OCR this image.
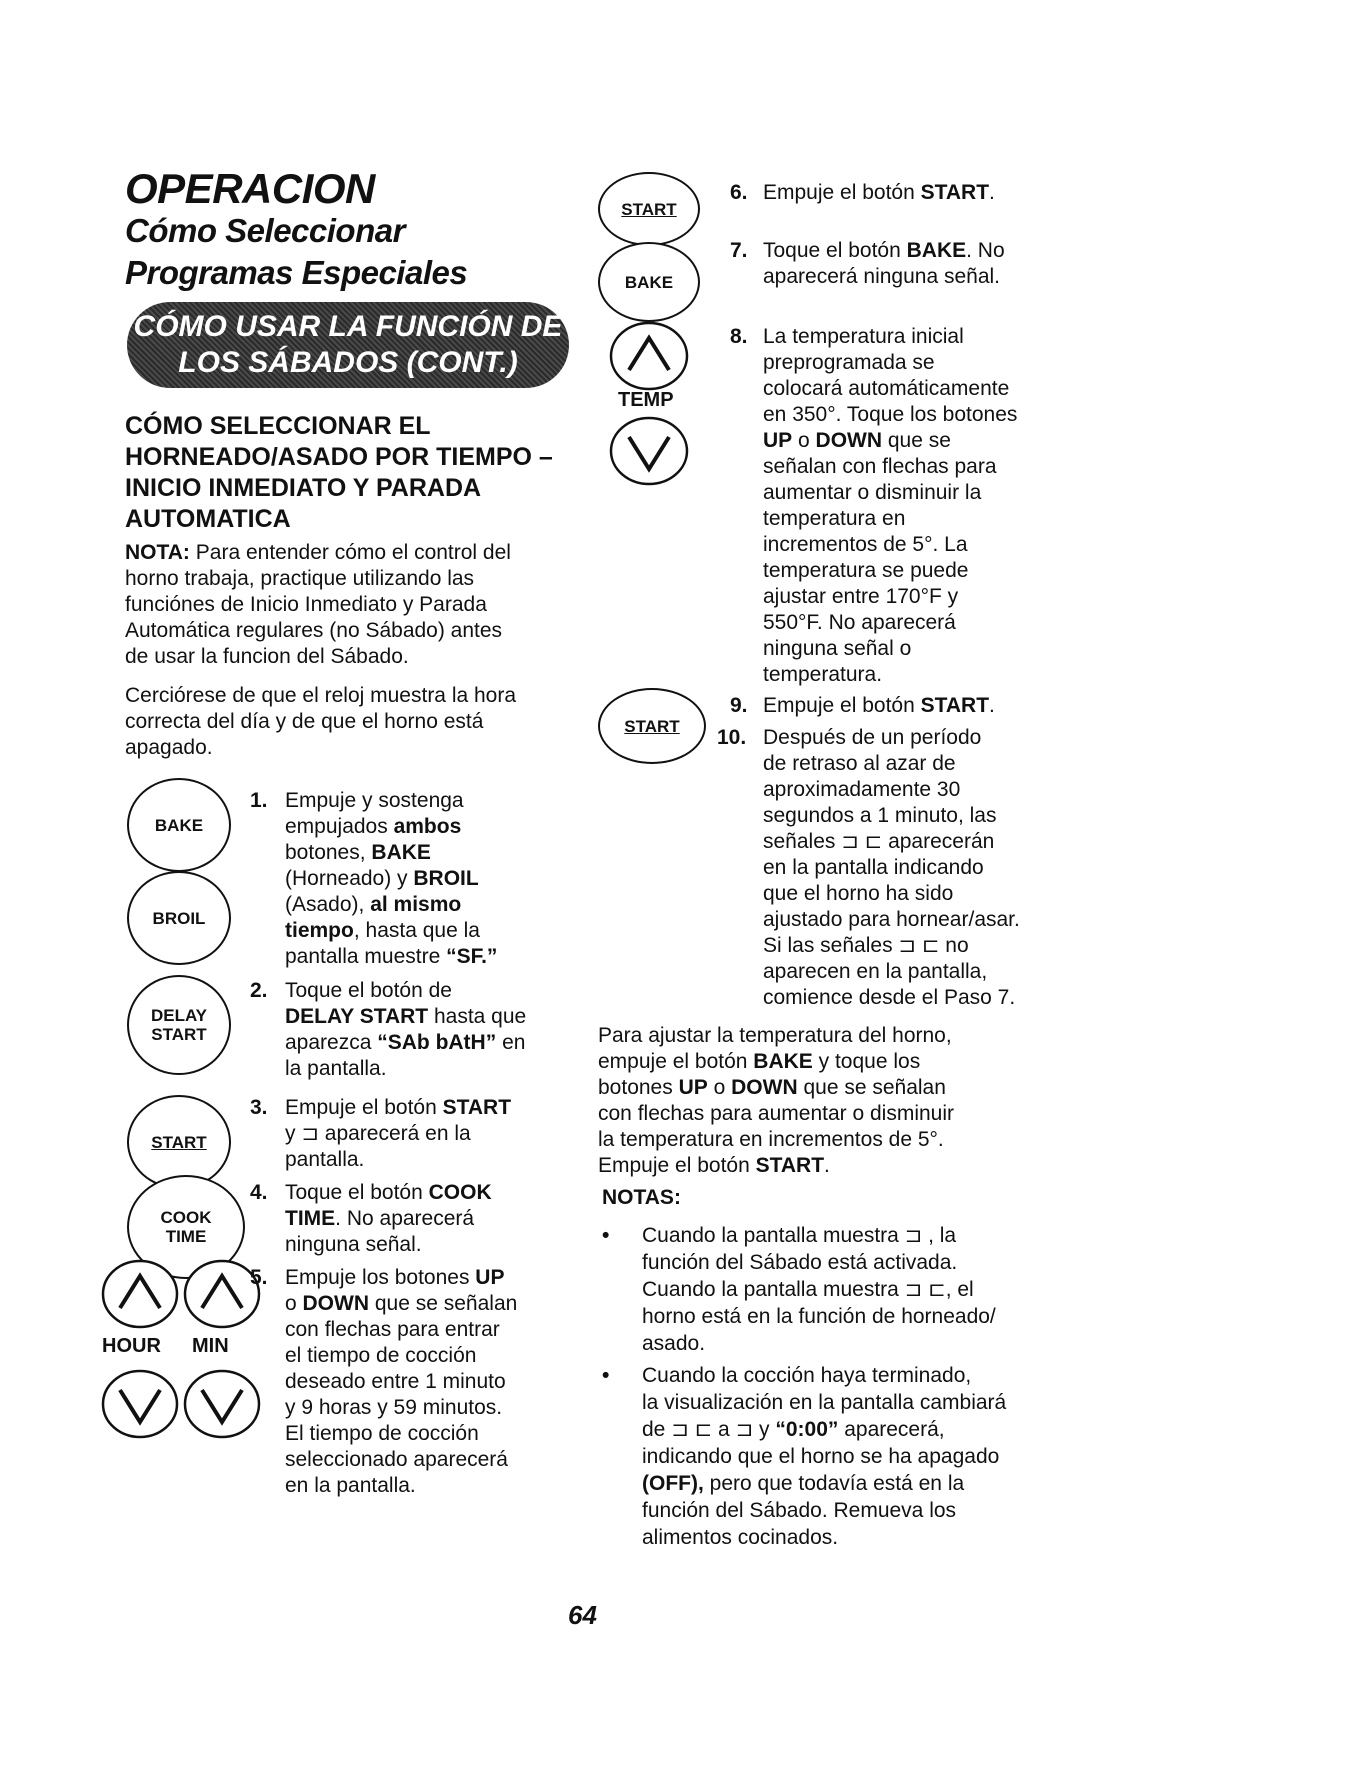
OPERACION
Cómo Seleccionar
Programas Especiales
CÓMO USAR LA FUNCIÓN DE
LOS SÁBADOS (CONT.)
CÓMO SELECCIONAR EL
HORNEADO/ASADO POR TIEMPO –
INICIO INMEDIATO Y PARADA
AUTOMATICA
NOTA: Para entender cómo el control del
horno trabaja, practique utilizando las
funciónes de Inicio Inmediato y Parada
Automática regulares (no Sábado) antes
de usar la funcion del Sábado.
Cerciórese de que el reloj muestra la hora
correcta del día y de que el horno está
apagado.
BAKE
BROIL
DELAY
START
START
COOK
TIME
HOUR MIN
1. Empuje y sostenga
empujados ambos
botones, BAKE
(Horneado) y BROIL
(Asado), al mismo
tiempo, hasta que la
pantalla muestre “SF.”
2. Toque el botón de
DELAY START hasta que
aparezca “SAb bAtH” en
la pantalla.
3. Empuje el botón START
y ⊐ aparecerá en la
pantalla.
4. Toque el botón COOK
TIME. No aparecerá
ninguna señal.
5. Empuje los botones UP
o DOWN que se señalan
con flechas para entrar
el tiempo de cocción
deseado entre 1 minuto
y 9 horas y 59 minutos.
El tiempo de cocción
seleccionado aparecerá
en la pantalla.
START
BAKE
TEMP
START
6. Empuje el botón START.
7. Toque el botón BAKE. No
aparecerá ninguna señal.
8. La temperatura inicial
preprogramada se
colocará automáticamente
en 350°. Toque los botones
UP o DOWN que se
señalan con flechas para
aumentar o disminuir la
temperatura en
incrementos de 5°. La
temperatura se puede
ajustar entre 170°F y
550°F. No aparecerá
ninguna señal o
temperatura.
9. Empuje el botón START.
10. Después de un período
de retraso al azar de
aproximadamente 30
segundos a 1 minuto, las
señales ⊐ ⊏ aparecerán
en la pantalla indicando
que el horno ha sido
ajustado para hornear/asar.
Si las señales ⊐ ⊏ no
aparecen en la pantalla,
comience desde el Paso 7.
Para ajustar la temperatura del horno,
empuje el botón BAKE y toque los
botones UP o DOWN que se señalan
con flechas para aumentar o disminuir
la temperatura en incrementos de 5°.
Empuje el botón START.
NOTAS:
• Cuando la pantalla muestra ⊐ , la
función del Sábado está activada.
Cuando la pantalla muestra ⊐ ⊏, el
horno está en la función de horneado/
asado.
• Cuando la cocción haya terminado,
la visualización en la pantalla cambiará
de ⊐ ⊏ a ⊐ y “0:00” aparecerá,
indicando que el horno se ha apagado
(OFF), pero que todavía está en la
función del Sábado. Remueva los
alimentos cocinados.
64
